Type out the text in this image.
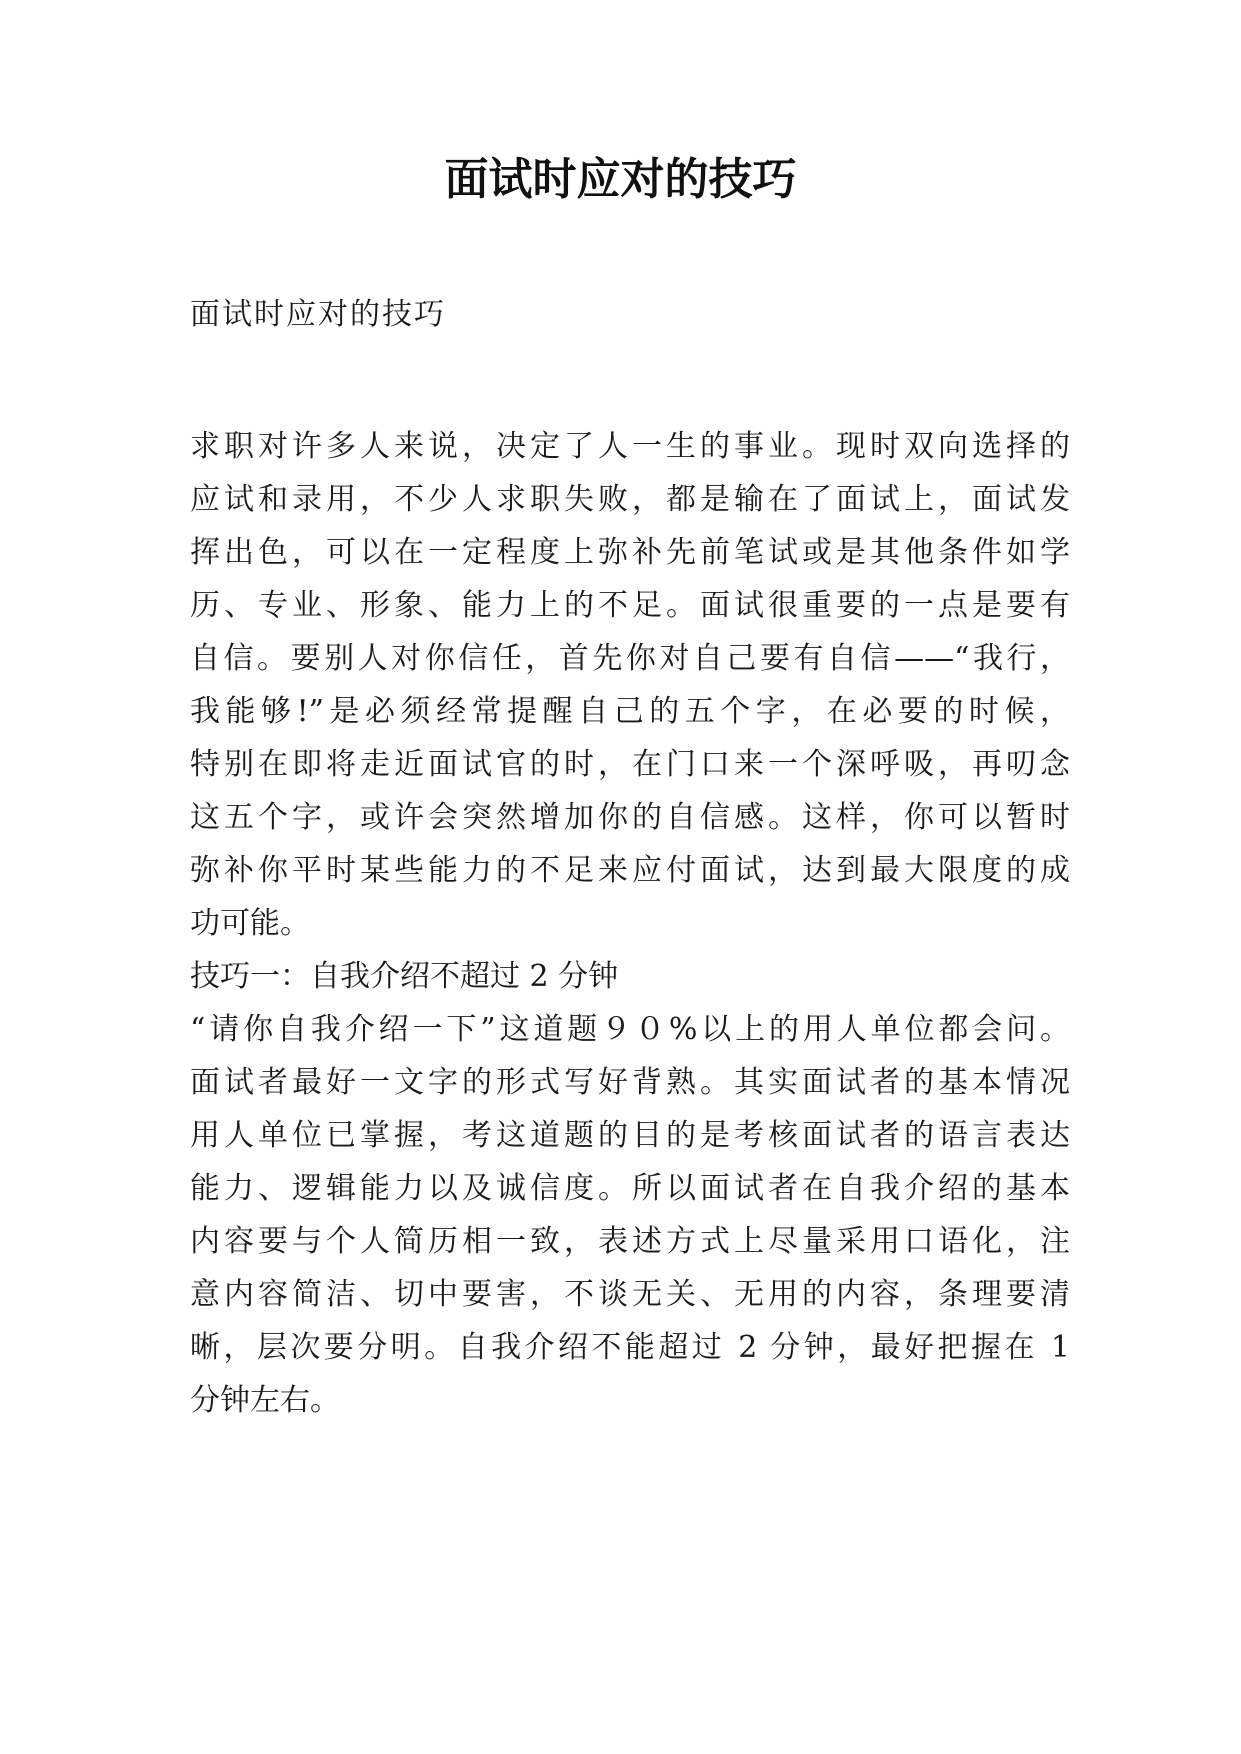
面试时应对的技巧

面试时应对的技巧

求职对许多人来说，决定了人一生的事业。现时双向选择的

应试和录用，不少人求职失败，都是输在了面试上，面试发

挥出色，可以在一定程度上弥补先前笔试或是其他条件如学

历、专业、形象、能力上的不足。面试很重要的一点是要有

自信。要别人对你信任，首先你对自己要有自信——“我行，

我能够!”是必须经常提醒自己的五个字，在必要的时候，

特别在即将走近面试官的时，在门口来一个深呼吸，再叨念

这五个字，或许会突然增加你的自信感。这样，你可以暂时

弥补你平时某些能力的不足来应付面试，达到最大限度的成

功可能。

技巧一：自我介绍不超过 2 分钟

“请你自我介绍一下”这道题９０%以上的用人单位都会问。

面试者最好一文字的形式写好背熟。其实面试者的基本情况

用人单位已掌握，考这道题的目的是考核面试者的语言表达

能力、逻辑能力以及诚信度。所以面试者在自我介绍的基本

内容要与个人简历相一致，表述方式上尽量采用口语化，注

意内容简洁、切中要害，不谈无关、无用的内容，条理要清

晰，层次要分明。自我介绍不能超过 2 分钟，最好把握在 1

分钟左右。
